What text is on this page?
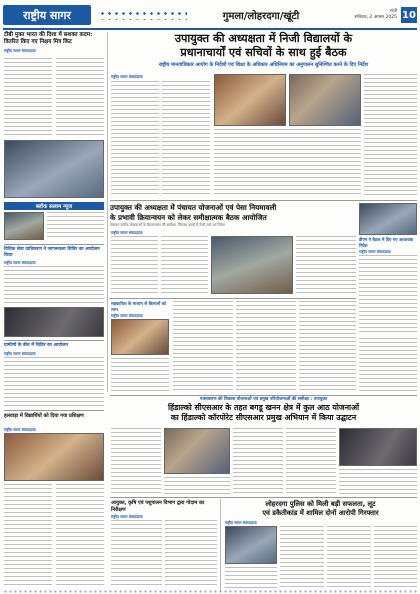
राष्ट्रीय सागर	गुमला/लोहरदगा/खूंटी	रांची
शनिवार, 2 अगस्त 2025 10
टीबी मुक्त भारत की दिशा में सशक्त कदम: वितरित किए गए निक्षय मित्र किट
राष्ट्रीय सागर संवाददाता
ब्लॉक सलाम न्यूज
उपायुक्त की अध्यक्षता में निजी विद्यालयों के
प्रधानाचार्यों एवं सचिवों के साथ हुई बैठक
राष्ट्रीय मानवाधिकार आयोग के निर्देशों एवं शिक्षा के अधिकार अधिनियम का अनुपालन सुनिश्चित करने के दिए निर्देश
राष्ट्रीय सागर संवाददाता
विधिक सेवा प्राधिकरण ने जागरूकता शिविर का आयोजन किया
राष्ट्रीय सागर संवाददाता
ग्रामीणों के बीच में शिविर का आयोजन
राष्ट्रीय सागर संवाददाता
उपायुक्त की अध्यक्षता में पंचायत योजनाओं एवं पेसा नियमावली
के प्रभावी क्रियान्वयन को लेकर समीक्षात्मक बैठक आयोजित
पंचायत स्तरीय योजनाओं के क्रियान्वयन की समीक्षा, विकास कार्यों में तेजी लाने का निर्देश
राष्ट्रीय सागर संवाददाता
डीएम ने बैठक में दिए गए आवश्यक निर्देश
राष्ट्रीय सागर संवाददाता
सहकारिता के माध्यम से किसानों को लाभ
राष्ट्रीय सागर संवाददाता
गत्साधारण की विकास योजनाओं एवं प्रमुख परियोजनाओं की समीक्षा : उपायुक्त
हिंडाल्को सीएसआर के तहत बगडू खनन क्षेत्र में कुल आठ योजनाओं
का हिंडाल्को कॉरपोरेट सीएसआर प्रमुख अभियान में किया उद्घाटन
हलवाड़ा में विद्यार्थियों को दिया गया प्रशिक्षण
राष्ट्रीय सागर संवाददाता
आयुक्त, कृषि एवं पशुपालन विभाग द्वारा गोदाम का निरीक्षण
राष्ट्रीय सागर संवाददाता
लोहरदगा पुलिस को मिली बड़ी सफलता, लूट
एवं डकैतीकांड में शामिल दोनों आरोपी गिरफ्तार
राष्ट्रीय सागर संवाददाता
